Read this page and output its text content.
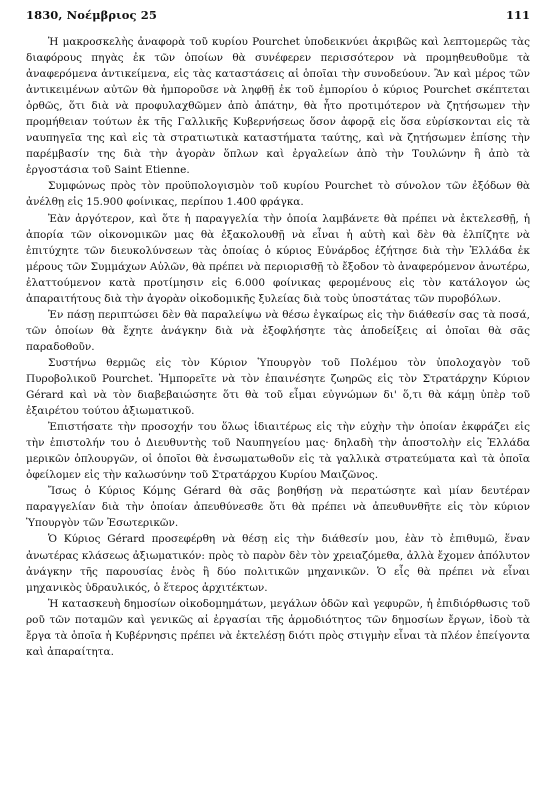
1830, Νοέμβριος 25	111

Ἡ μακροσκελὴς ἀναφορὰ τοῦ κυρίου Pourchet ὑποδεικνύει ἀκριβῶς καὶ λεπτομερῶς τὰς διαφόρους πηγὰς ἐκ τῶν ὁποίων θὰ συνέφερεν περισσότερον νὰ προμηθευθοῦμε τὰ ἀναφερόμενα ἀντικείμενα, εἰς τὰς καταστάσεις αἱ ὁποῖαι τὴν συνοδεύουν. Ἂν καὶ μέρος τῶν ἀντικειμένων αὐτῶν θὰ ἠμποροῦσε νὰ ληφθῇ ἐκ τοῦ ἐμπορίου ὁ κύριος Pourchet σκέπτεται ὀρθῶς, ὅτι διὰ νὰ προφυλαχθῶμεν ἀπὸ ἀπάτην, θὰ ἦτο προτιμότερον νὰ ζητήσωμεν τὴν προμήθειαν τούτων ἐκ τῆς Γαλλικῆς Κυβερνήσεως ὅσον ἀφορᾷ εἰς ὅσα εὑρίσκονται εἰς τὰ ναυπηγεῖα της καὶ εἰς τὰ στρατιωτικὰ καταστήματα ταύτης, καὶ νὰ ζητήσωμεν ἐπίσης τὴν παρέμβασίν της διὰ τὴν ἀγορὰν ὅπλων καὶ ἐργαλείων ἀπὸ τὴν Τουλώνην ἢ ἀπὸ τὰ ἐργοστάσια τοῦ Saint Etienne.

Συμφώνως πρὸς τὸν προϋπολογισμὸν τοῦ κυρίου Pourchet τὸ σύνολον τῶν ἐξόδων θὰ ἀνέλθῃ εἰς 15.900 φοίνικας, περίπου 1.400 φράγκα.

Ἐὰν ἀργότερον, καὶ ὅτε ἡ παραγγελία τὴν ὁποία λαμβάνετε θὰ πρέπει νὰ ἐκτελεσθῇ, ἡ ἀπορία τῶν οἰκονομικῶν μας θὰ ἐξακολουθῇ νὰ εἶναι ἡ αὐτὴ καὶ δὲν θὰ ἐλπίζητε νὰ ἐπιτύχητε τῶν διευκολύνσεων τὰς ὁποίας ὁ κύριος Εὐνάρδος ἐζήτησε διὰ τὴν Ἑλλάδα ἐκ μέρους τῶν Συμμάχων Αὐλῶν, θὰ πρέπει νὰ περιορισθῇ τὸ ἔξοδον τὸ ἀναφερόμενον ἀνωτέρω, ἐλαττούμενον κατὰ προτίμησιν εἰς 6.000 φοίνικας φερομένους εἰς τὸν κατάλογον ὡς ἀπαραιτήτους διὰ τὴν ἀγορὰν οἰκοδομικῆς ξυλείας διὰ τοὺς ὑποστάτας τῶν πυροβόλων.

Ἐν πάσῃ περιπτώσει δὲν θὰ παραλείψω νὰ θέσω ἐγκαίρως εἰς τὴν διάθεσίν σας τὰ ποσά, τῶν ὁποίων θὰ ἔχητε ἀνάγκην διὰ νὰ ἐξοφλήσητε τὰς ἀποδείξεις αἱ ὁποῖαι θὰ σᾶς παραδοθοῦν.

Συστήνω θερμῶς εἰς τὸν Κύριον Ὑπουργὸν τοῦ Πολέμου τὸν ὑπολοχαγὸν τοῦ Πυροβολικοῦ Pourchet. Ἠμπορεῖτε νὰ τὸν ἐπαινέσητε ζωηρῶς εἰς τὸν Στρατάρχην Κύριον Gérard καὶ νὰ τὸν διαβεβαιώσητε ὅτι θὰ τοῦ εἶμαι εὐγνώμων δι' ὅ,τι θὰ κάμῃ ὑπὲρ τοῦ ἐξαιρέτου τούτου ἀξιωματικοῦ.

Ἐπιστήσατε τὴν προσοχήν του ὅλως ἰδιαιτέρως εἰς τὴν εὐχὴν τὴν ὁποίαν ἐκφράζει εἰς τὴν ἐπιστολήν του ὁ Διευθυντὴς τοῦ Ναυπηγείου μας· δηλαδὴ τὴν ἀποστολὴν εἰς Ἑλλάδα μερικῶν ὁπλουργῶν, οἱ ὁποῖοι θὰ ἐνσωματωθοῦν εἰς τὰ γαλλικὰ στρατεύματα καὶ τὰ ὁποῖα ὀφείλομεν εἰς τὴν καλωσύνην τοῦ Στρατάρχου Κυρίου Μαιζῶνος.

Ἴσως ὁ Κύριος Κόμης Gérard θὰ σᾶς βοηθήσῃ νὰ περατώσητε καὶ μίαν δευτέραν παραγγελίαν διὰ τὴν ὁποίαν ἀπευθύνεσθε ὅτι θὰ πρέπει νὰ ἀπευθυνθῆτε εἰς τὸν κύριον Ὑπουργὸν τῶν Ἐσωτερικῶν.

Ὁ Κύριος Gérard προσεφέρθη νὰ θέσῃ εἰς τὴν διάθεσίν μου, ἐὰν τὸ ἐπιθυμῶ, ἕναν ἀνωτέρας κλάσεως ἀξιωματικόν: πρὸς τὸ παρὸν δὲν τὸν χρειαζόμεθα, ἀλλὰ ἔχομεν ἀπόλυτον ἀνάγκην τῆς παρουσίας ἑνὸς ἢ δύο πολιτικῶν μηχανικῶν. Ὁ εἷς θὰ πρέπει νὰ εἶναι μηχανικὸς ὑδραυλικός, ὁ ἕτερος ἀρχιτέκτων.

Ἡ κατασκευὴ δημοσίων οἰκοδομημάτων, μεγάλων ὁδῶν καὶ γεφυρῶν, ἡ ἐπιδιόρθωσις τοῦ ροῦ τῶν ποταμῶν καὶ γενικῶς αἱ ἐργασίαι τῆς ἁρμοδιότητος τῶν δημοσίων ἔργων, ἰδοὺ τὰ ἔργα τὰ ὁποῖα ἡ Κυβέρνησις πρέπει νὰ ἐκτελέσῃ διότι πρὸς στιγμὴν εἶναι τὰ πλέον ἐπείγοντα καὶ ἀπαραίτητα.
